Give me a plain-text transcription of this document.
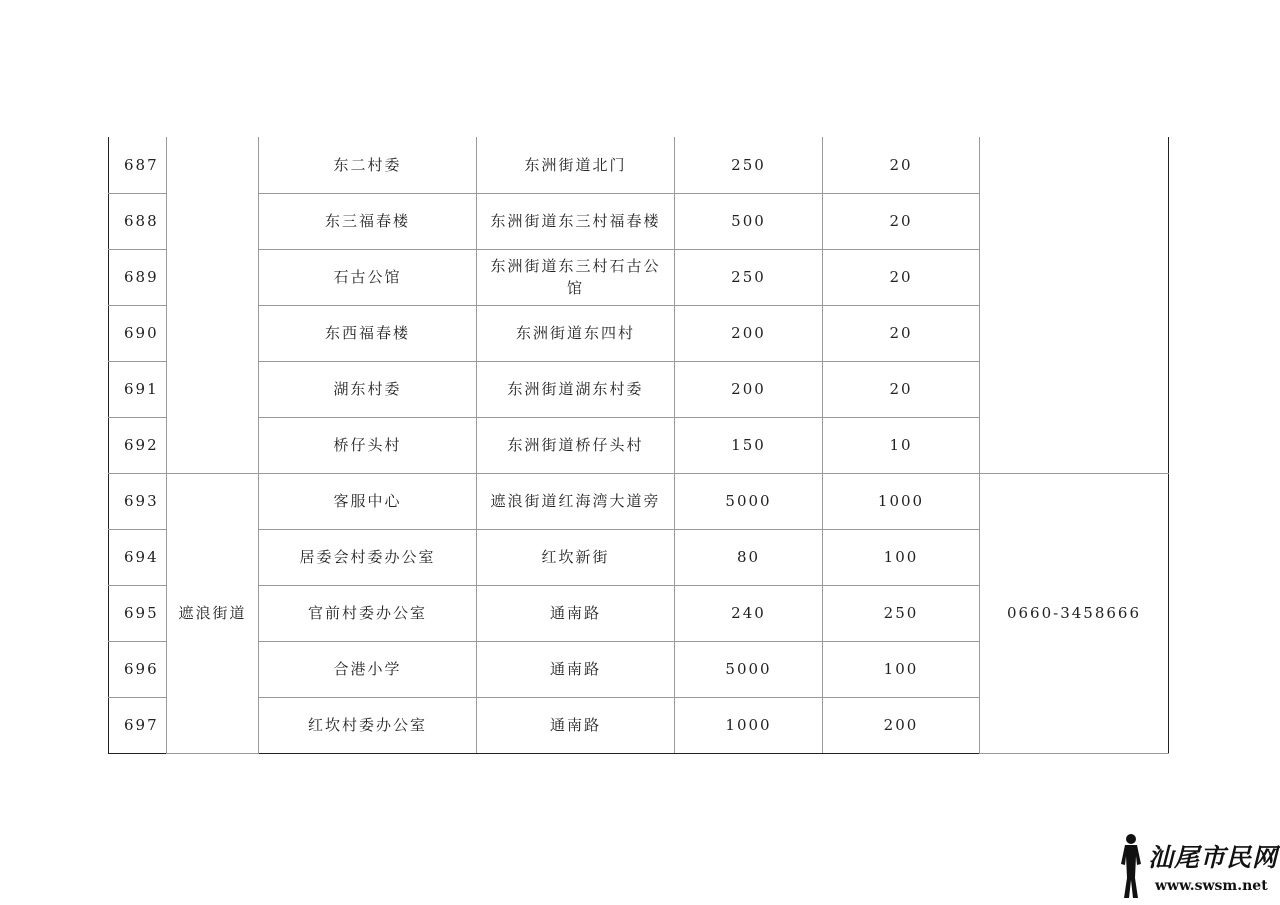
687		东二村委	东洲街道北门	250	20	
688		东三福春楼	东洲街道东三村福春楼	500	20	
689		石古公馆	东洲街道东三村石古公馆	250	20	
690		东西福春楼	东洲街道东四村	200	20	
691		湖东村委	东洲街道湖东村委	200	20	
692		桥仔头村	东洲街道桥仔头村	150	10	
693	遮浪街道	客服中心	遮浪街道红海湾大道旁	5000	1000	0660-3458666
694		居委会村委办公室	红坎新街	80	100	
695		官前村委办公室	通南路	240	250	
696		合港小学	通南路	5000	100	
697		红坎村委办公室	通南路	1000	200	
汕尾市民网
www.swsm.net
